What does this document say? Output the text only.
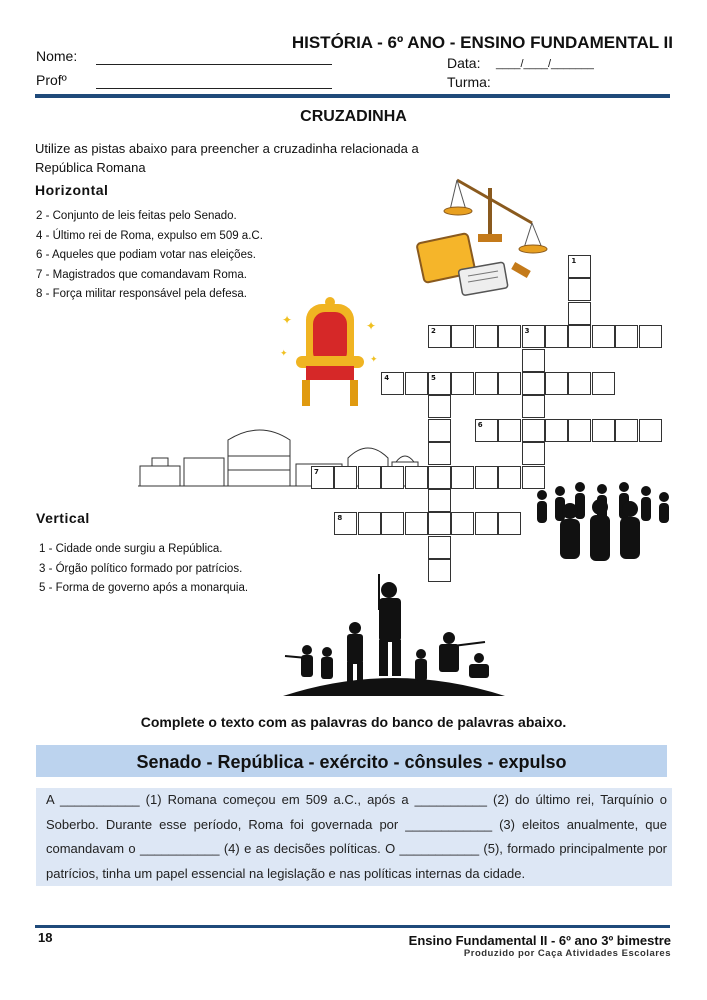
HISTÓRIA - 6º ANO - ENSINO FUNDAMENTAL II
Nome:
Profº
Data: ____/____/_______
Turma:
CRUZADINHA
Utilize as pistas abaixo para preencher a cruzadinha relacionada a República Romana
Horizontal
2 - Conjunto de leis feitas pelo Senado.
4 - Último rei de Roma, expulso em 509 a.C.
6 - Aqueles que podiam votar nas eleições.
7 - Magistrados que comandavam Roma.
8 - Força militar responsável pela defesa.
Vertical
1 - Cidade onde surgiu a República.
3 - Órgão político formado por patrícios.
5 - Forma de governo após a monarquia.
✦	✦
✦
✦
1
2	3
4	5
6
7
8
Complete o texto com as palavras do banco de palavras abaixo.
Senado - República - exército - cônsules - expulso
A ___________ (1) Romana começou em 509 a.C., após a __________ (2) do último rei, Tarquínio o Soberbo. Durante esse período, Roma foi governada por ____________ (3) eleitos anualmente, que comandavam o ___________ (4) e as decisões políticas. O ___________ (5), formado principalmente por patrícios, tinha um papel essencial na legislação e nas políticas internas da cidade.
18	Ensino Fundamental II - 6º ano 3º bimestre
Produzido por Caça Atividades Escolares
